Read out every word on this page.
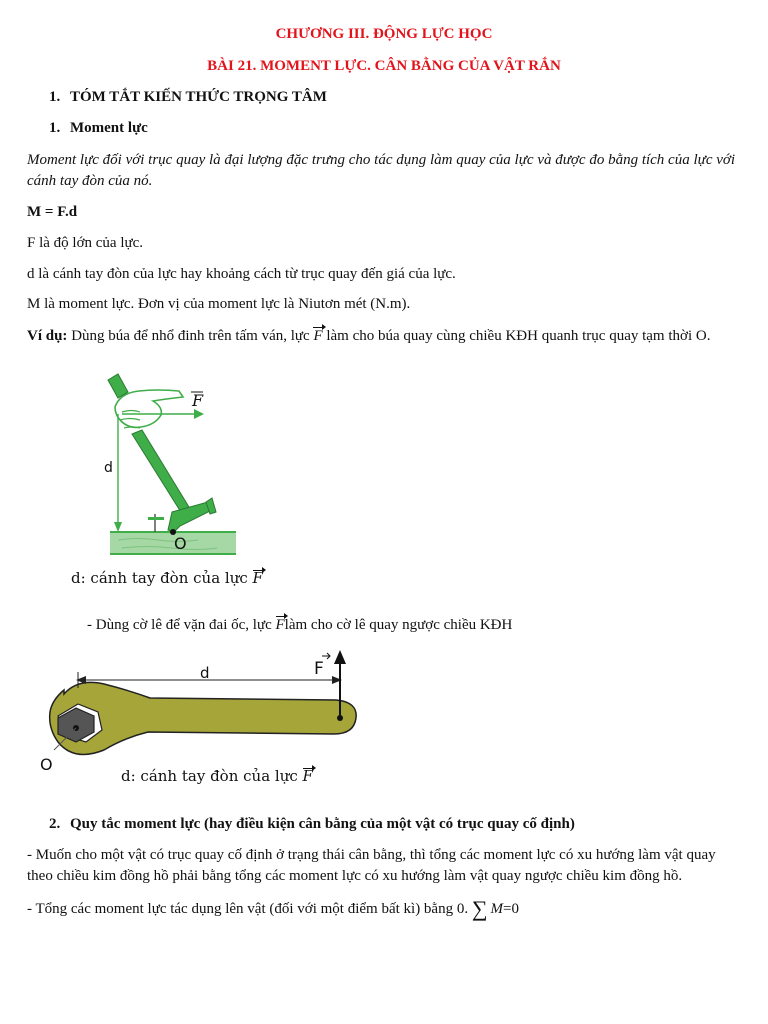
CHƯƠNG III. ĐỘNG LỰC HỌC
BÀI 21. MOMENT LỰC. CÂN BẰNG CỦA VẬT RẮN
1. TÓM TẮT KIẾN THỨC TRỌNG TÂM
1. Moment lực
Moment lực đối với trục quay là đại lượng đặc trưng cho tác dụng làm quay của lực và được đo bằng tích của lực với cánh tay đòn của nó.
M = F.d
F là độ lớn của lực.
d là cánh tay đòn của lực hay khoảng cách từ trục quay đến giá của lực.
M là moment lực. Đơn vị của moment lực là Niutơn mét (N.m).
Ví dụ: Dùng búa để nhổ đinh trên tấm ván, lực F làm cho búa quay cùng chiều KĐH quanh trục quay tạm thời O.
F
d
O
d: cánh tay đòn của lực F
- Dùng cờ lê để vặn đai ốc, lực Flàm cho cờ lê quay ngược chiều KĐH
O
d	F
d: cánh tay đòn của lực F
2. Quy tắc moment lực (hay điều kiện cân bằng của một vật có trục quay cố định)
- Muốn cho một vật có trục quay cố định ở trạng thái cân bằng, thì tổng các moment lực có xu hướng làm vật quay theo chiều kim đồng hồ phải bằng tổng các moment lực có xu hướng làm vật quay ngược chiều kim đồng hồ.
- Tổng các moment lực tác dụng lên vật (đối với một điểm bất kì) bằng 0. ∑ M=0
